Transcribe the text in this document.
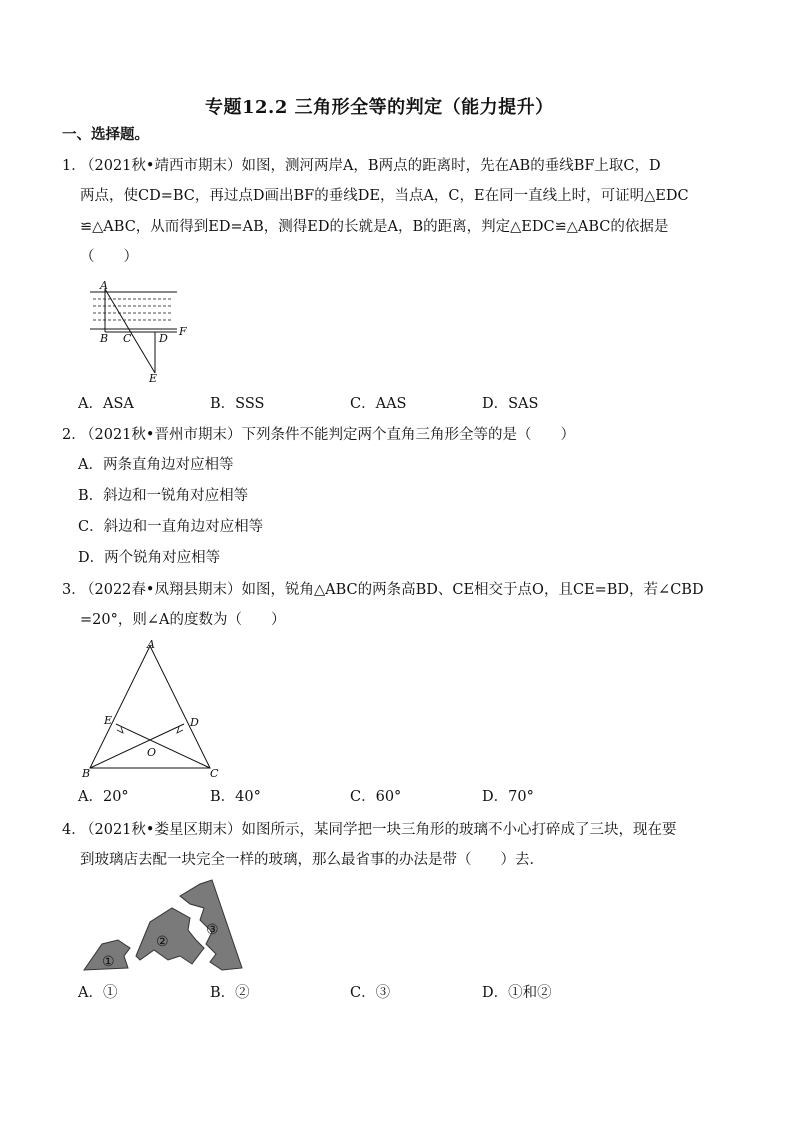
专题12.2 三角形全等的判定（能力提升）
一、选择题。
1．
（2021秋•靖西市期末）如图，测河两岸A，B两点的距离时，先在AB的垂线BF上取C，D
两点，使CD=BC，再过点D画出BF的垂线DE，当点A，C，E在同一直线上时，可证明△EDC
≌△ABC，从而得到ED=AB，测得ED的长就是A，B的距离，判定△EDC≌△ABC的依据是
（　　）
A
B C	D
E
F
A．ASA	B．SSS	C．AAS	D．SAS
2．
（2021秋•晋州市期末）下列条件不能判定两个直角三角形全等的是（　　）
A．两条直角边对应相等
B．斜边和一锐角对应相等
C．斜边和一直角边对应相等
D．两个锐角对应相等
3．
（2022春•凤翔县期末）如图，锐角△ABC的两条高BD、CE相交于点O，且CE=BD，若∠CBD
=20°，则∠A的度数为（　　）
A
E	D
O
B	C
A．20°	B．40°	C．60°	D．70°
4．
（2021秋•娄星区期末）如图所示，某同学把一块三角形的玻璃不小心打碎成了三块，现在要
到玻璃店去配一块完全一样的玻璃，那么最省事的办法是带（　　）去．
①
②
③
A．①	B．②	C．③	D．①和②
